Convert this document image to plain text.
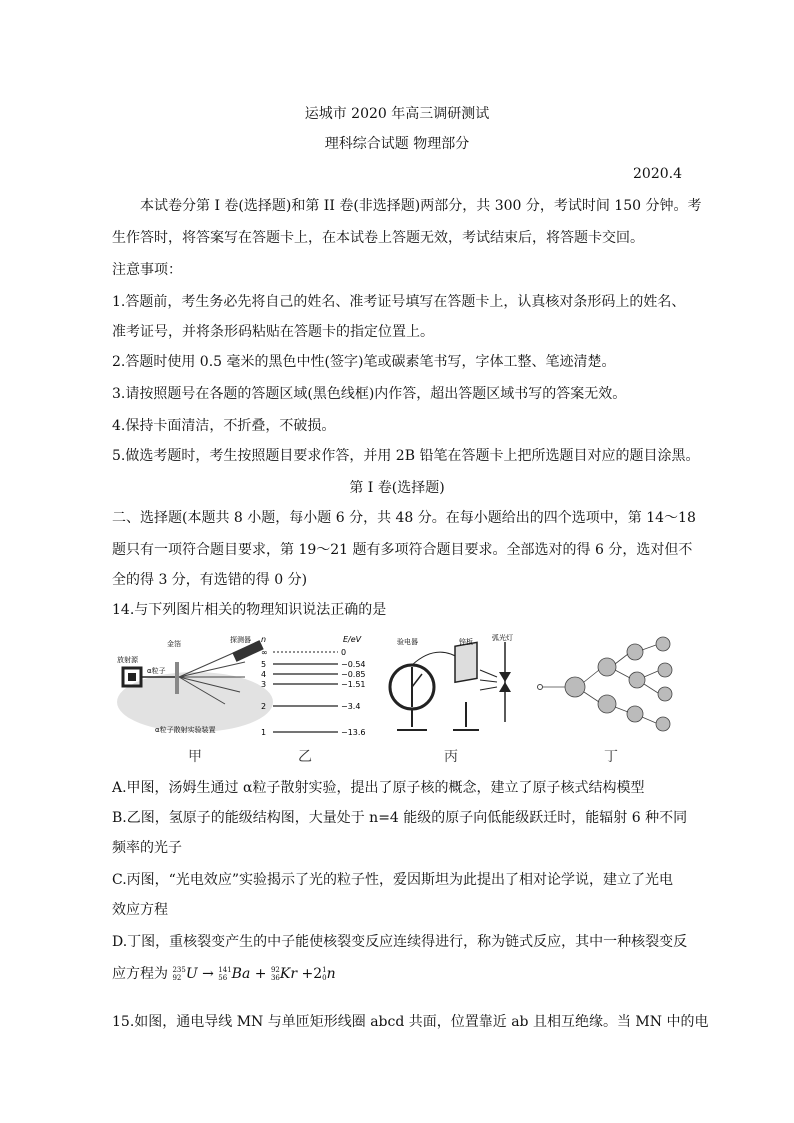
运城市 2020 年高三调研测试
理科综合试题 物理部分
2020.4
本试卷分第 I 卷(选择题)和第 II 卷(非选择题)两部分，共 300 分，考试时间 150 分钟。考
生作答时，将答案写在答题卡上，在本试卷上答题无效，考试结束后，将答题卡交回。
注意事项：
1.答题前，考生务必先将自己的姓名、准考证号填写在答题卡上，认真核对条形码上的姓名、
准考证号，并将条形码粘贴在答题卡的指定位置上。
2.答题时使用 0.5 毫米的黑色中性(签字)笔或碳素笔书写，字体工整、笔迹清楚。
3.请按照题号在各题的答题区域(黑色线框)内作答，超出答题区域书写的答案无效。
4.保持卡面清洁，不折叠，不破损。
5.做选考题时，考生按照题目要求作答，并用 2B 铅笔在答题卡上把所选题目对应的题目涂黑。
第 I 卷(选择题)
二、选择题(本题共 8 小题，每小题 6 分，共 48 分。在每小题给出的四个选项中，第 14～18
题只有一项符合题目要求，第 19～21 题有多项符合题目要求。全部选对的得 6 分，选对但不
全的得 3 分，有选错的得 0 分)
14.与下列图片相关的物理知识说法正确的是
放射源
金箔	探测器
α粒子
α粒子散射实验装置
n	E/eV
∞	0
5	−0.54
4	−0.85
3	−1.51
2	−3.4
1	−13.6
验电器	锌板	弧光灯
甲	乙	丙	丁
A.甲图，汤姆生通过 α粒子散射实验，提出了原子核的概念，建立了原子核式结构模型
B.乙图，氢原子的能级结构图，大量处于 n=4 能级的原子向低能级跃迁时，能辐射 6 种不同
频率的光子
C.丙图，“光电效应”实验揭示了光的粒子性，爱因斯坦为此提出了相对论学说，建立了光电
效应方程
D.丁图，重核裂变产生的中子能使核裂变反应连续得进行，称为链式反应，其中一种核裂变反
应方程为 235
92 U → 141
56 Ba + 92
36 Kr +2 1
0 n
15.如图，通电导线 MN 与单匝矩形线圈 abcd 共面，位置靠近 ab 且相互绝缘。当 MN 中的电
